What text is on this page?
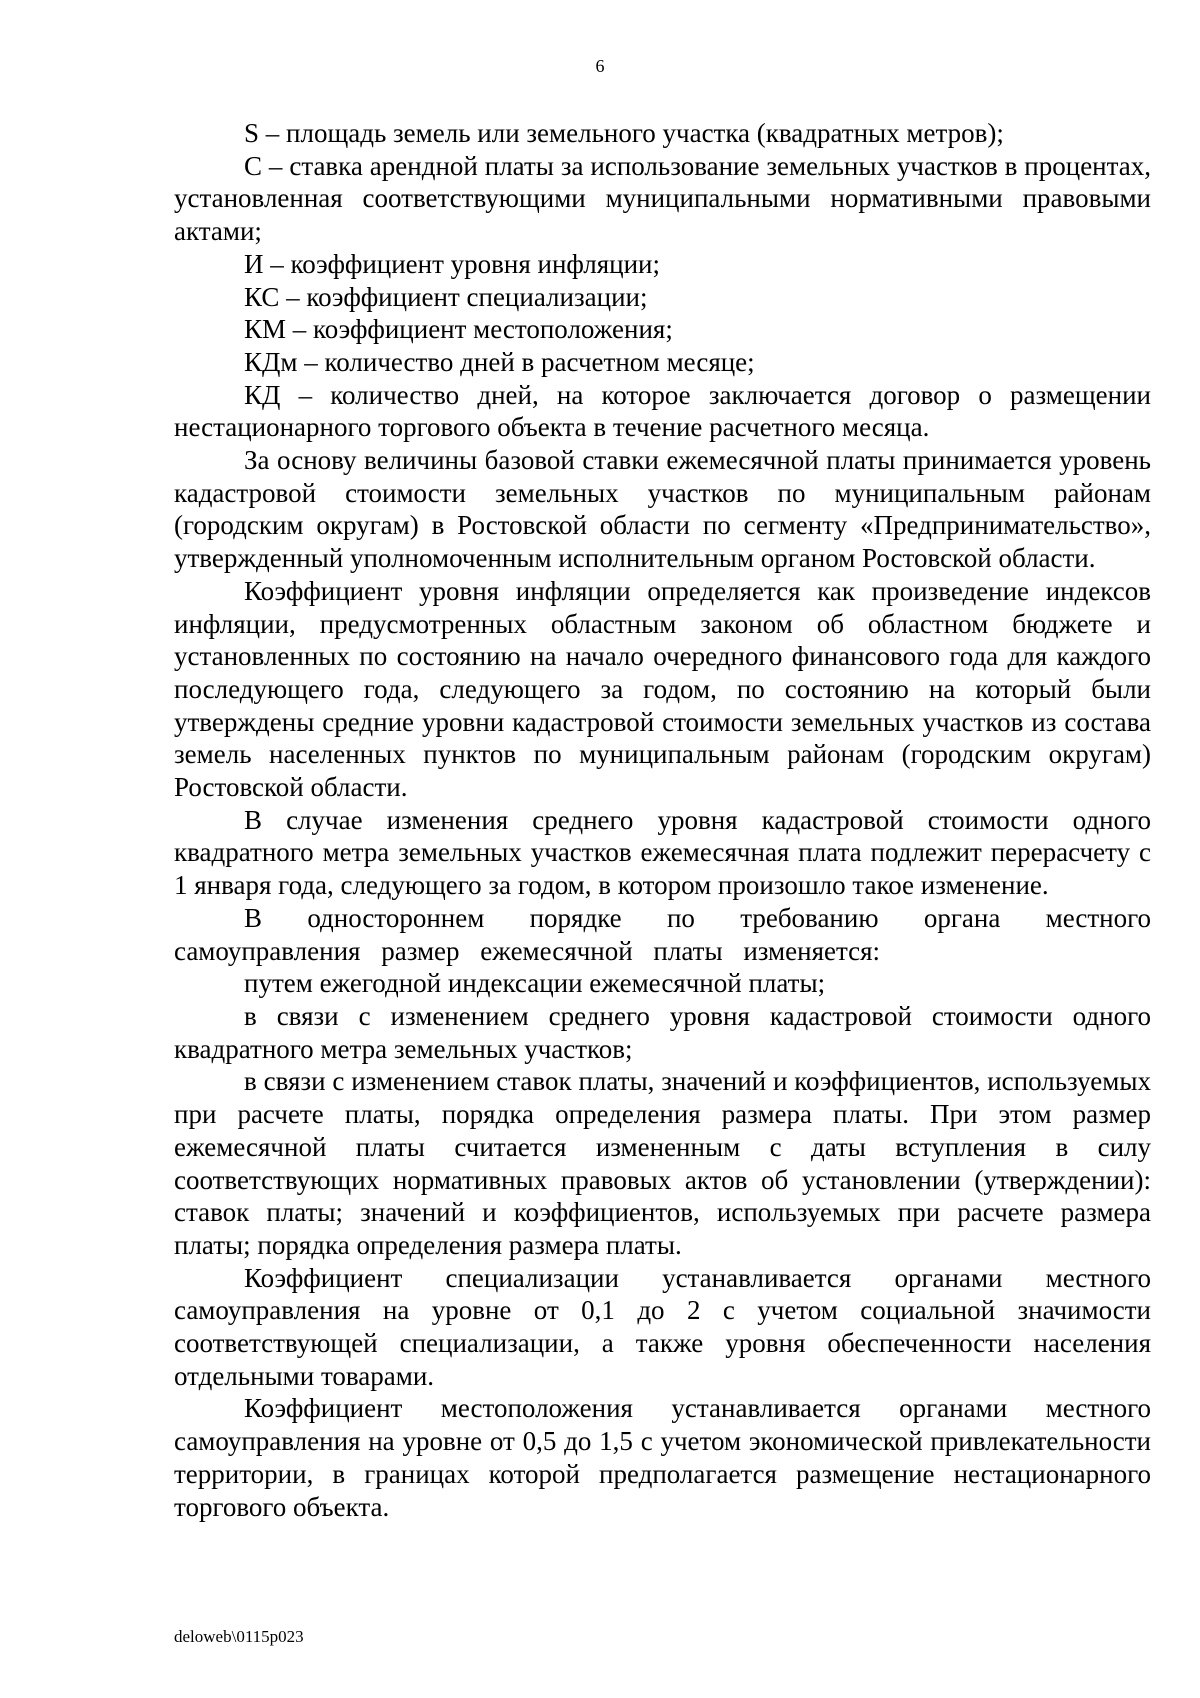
6

S – площадь земель или земельного участка (квадратных метров);

С – ставка арендной платы за использование земельных участков в процентах, установленная соответствующими муниципальными нормативными правовыми актами;

И – коэффициент уровня инфляции;

КС – коэффициент специализации;

КМ – коэффициент местоположения;

КДм – количество дней в расчетном месяце;

КД – количество дней, на которое заключается договор о размещении нестационарного торгового объекта в течение расчетного месяца.

За основу величины базовой ставки ежемесячной платы принимается уровень кадастровой стоимости земельных участков по муниципальным районам (городским округам) в Ростовской области по сегменту «Предпринимательство», утвержденный уполномоченным исполнительным органом Ростовской области.

Коэффициент уровня инфляции определяется как произведение индексов инфляции, предусмотренных областным законом об областном бюджете и установленных по состоянию на начало очередного финансового года для каждого последующего года, следующего за годом, по состоянию на который были утверждены средние уровни кадастровой стоимости земельных участков из состава земель населенных пунктов по муниципальным районам (городским округам) Ростовской области.

В случае изменения среднего уровня кадастровой стоимости одного квадратного метра земельных участков ежемесячная плата подлежит перерасчету с 1 января года, следующего за годом, в котором произошло такое изменение.

В одностороннем порядке по требованию органа местного самоуправления размер ежемесячной платы изменяется:

путем ежегодной индексации ежемесячной платы;

в связи с изменением среднего уровня кадастровой стоимости одного квадратного метра земельных участков;

в связи с изменением ставок платы, значений и коэффициентов, используемых при расчете платы, порядка определения размера платы. При этом размер ежемесячной платы считается измененным с даты вступления в силу соответствующих нормативных правовых актов об установлении (утверждении): ставок платы; значений и коэффициентов, используемых при расчете размера платы; порядка определения размера платы.

Коэффициент специализации устанавливается органами местного самоуправления на уровне от 0,1 до 2 с учетом социальной значимости соответствующей специализации, а также уровня обеспеченности населения отдельными товарами.

Коэффициент местоположения устанавливается органами местного самоуправления на уровне от 0,5 до 1,5 с учетом экономической привлекательности территории, в границах которой предполагается размещение нестационарного торгового объекта.

deloweb\0115p023
